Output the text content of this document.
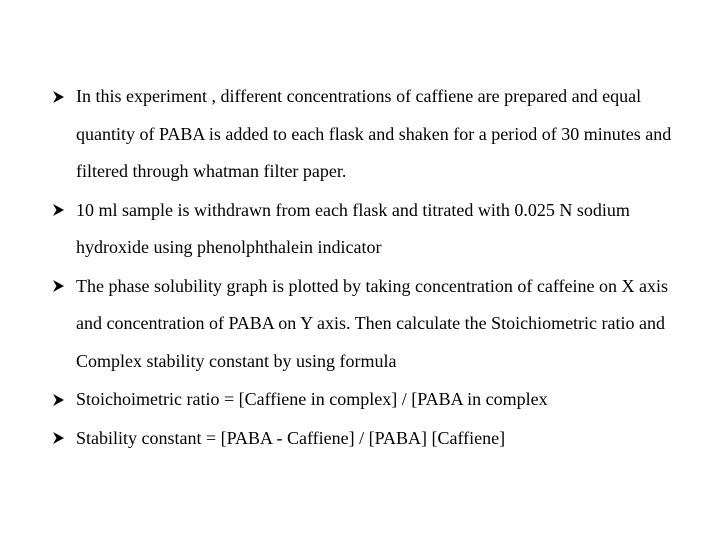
In this experiment , different concentrations of caffiene are prepared and equal quantity of PABA is added to each flask and shaken for a period of 30 minutes and filtered through whatman filter paper.
10 ml sample is withdrawn from each flask and titrated with 0.025 N sodium hydroxide using phenolphthalein indicator
The phase solubility graph is plotted by taking concentration of caffeine on X axis and concentration of PABA on Y axis. Then calculate the Stoichiometric ratio and Complex stability constant by using formula
Stoichoimetric ratio = [Caffiene in complex] / [PABA in complex
Stability constant = [PABA - Caffiene] / [PABA] [Caffiene]
